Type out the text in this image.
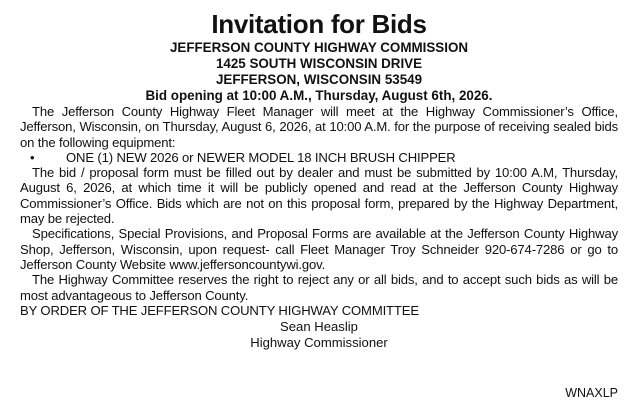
Invitation for Bids

JEFFERSON COUNTY HIGHWAY COMMISSION

1425 SOUTH WISCONSIN DRIVE

JEFFERSON, WISCONSIN 53549

Bid opening at 10:00 A.M., Thursday, August 6th, 2026.

The Jefferson County Highway Fleet Manager will meet at the Highway Commissioner’s Office, Jefferson, Wisconsin, on Thursday, August 6, 2026, at 10:00 A.M. for the purpose of receiving sealed bids on the following equipment:

• ONE (1) NEW 2026 or NEWER MODEL 18 INCH BRUSH CHIPPER

The bid / proposal form must be filled out by dealer and must be submitted by 10:00 A.M, Thursday, August 6, 2026, at which time it will be publicly opened and read at the Jefferson County Highway Commissioner’s Office. Bids which are not on this proposal form, prepared by the Highway Department, may be rejected.

Specifications, Special Provisions, and Proposal Forms are available at the Jefferson County Highway Shop, Jefferson, Wisconsin, upon request- call Fleet Manager Troy Schneider 920-674-7286 or go to Jefferson County Website www.jeffersoncountywi.gov.

The Highway Committee reserves the right to reject any or all bids, and to accept such bids as will be most advantageous to Jefferson County.

BY ORDER OF THE JEFFERSON COUNTY HIGHWAY COMMITTEE

Sean Heaslip

Highway Commissioner

WNAXLP
